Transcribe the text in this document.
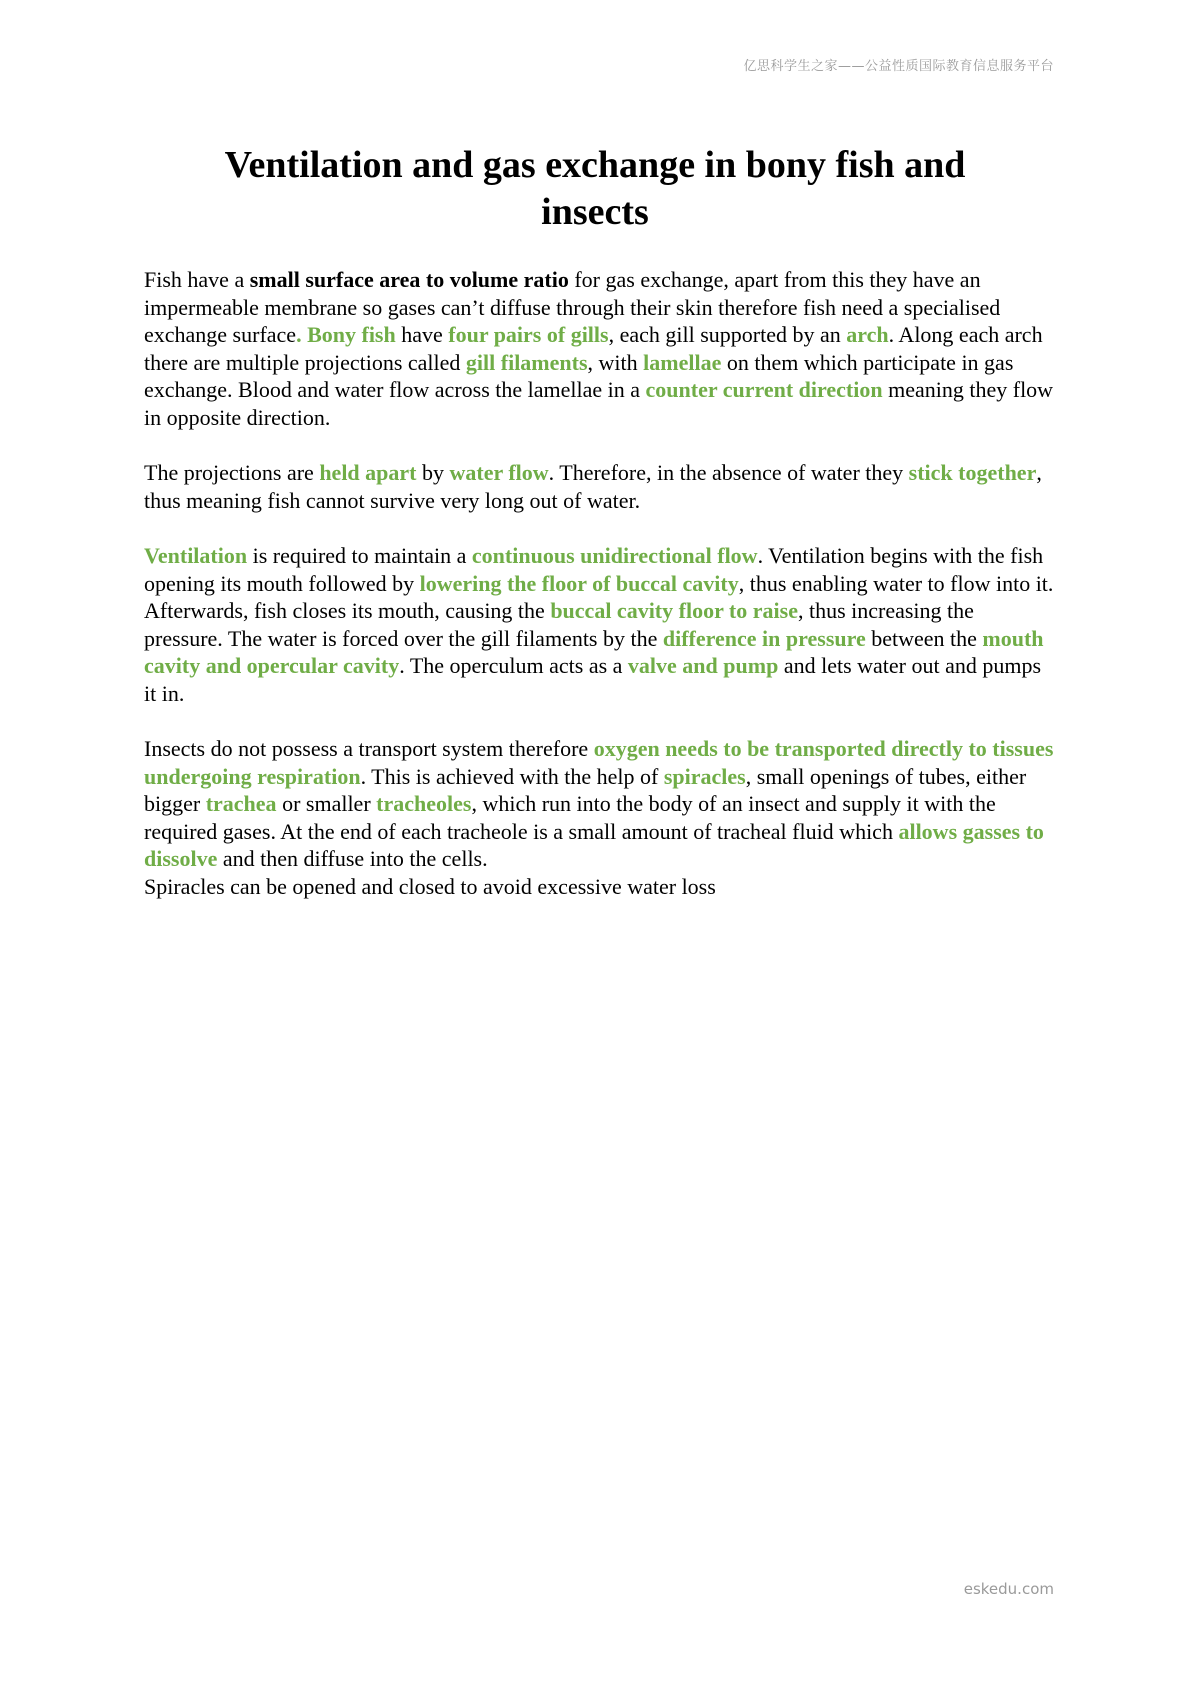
亿思科学生之家——公益性质国际教育信息服务平台
Ventilation and gas exchange in bony fish and
insects

Fish have a small surface area to volume ratio for gas exchange, apart from this they have an impermeable membrane so gases can’t diffuse through their skin therefore fish need a specialised exchange surface. Bony fish have four pairs of gills, each gill supported by an arch. Along each arch there are multiple projections called gill filaments, with lamellae on them which participate in gas exchange. Blood and water flow across the lamellae in a counter current direction meaning they flow in opposite direction.

The projections are held apart by water flow. Therefore, in the absence of water they stick together, thus meaning fish cannot survive very long out of water.

Ventilation is required to maintain a continuous unidirectional flow. Ventilation begins with the fish opening its mouth followed by lowering the floor of buccal cavity, thus enabling water to flow into it. Afterwards, fish closes its mouth, causing the buccal cavity floor to raise, thus increasing the pressure. The water is forced over the gill filaments by the difference in pressure between the mouth cavity and opercular cavity. The operculum acts as a valve and pump and lets water out and pumps it in.

Insects do not possess a transport system therefore oxygen needs to be transported directly to tissues undergoing respiration. This is achieved with the help of spiracles, small openings of tubes, either bigger trachea or smaller tracheoles, which run into the body of an insect and supply it with the required gases. At the end of each tracheole is a small amount of tracheal fluid which allows gasses to dissolve and then diffuse into the cells.

Spiracles can be opened and closed to avoid excessive water loss

eskedu.com
